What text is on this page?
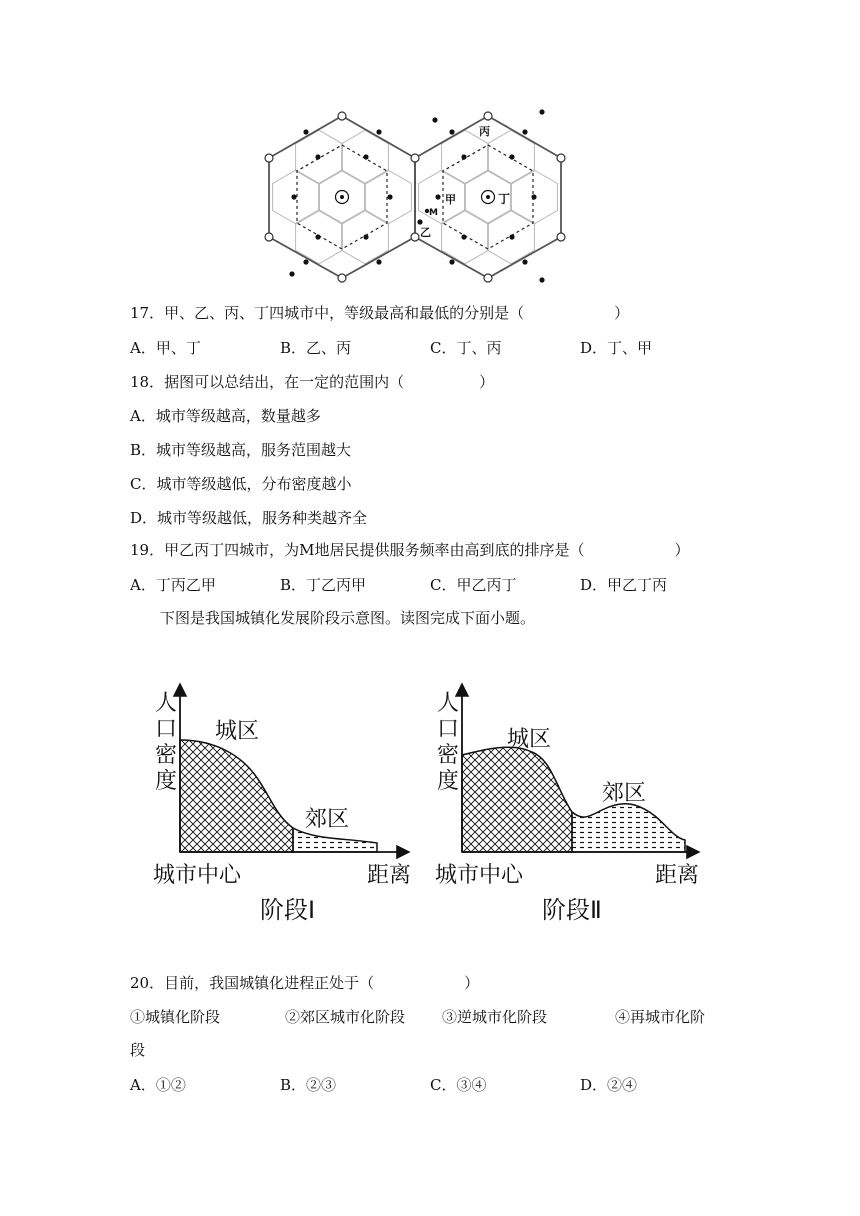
丙
甲	丁
乙
M
17．甲、乙、丙、丁四城市中，等级最高和最低的分别是（　　　　　　）
A．甲、丁	B．乙、丙	C．丁、丙	D．丁、甲
18．据图可以总结出，在一定的范围内（　　　　　）
A．城市等级越高，数量越多
B．城市等级越高，服务范围越大
C．城市等级越低，分布密度越小
D．城市等级越低，服务种类越齐全
19．甲乙丙丁四城市，为M地居民提供服务频率由高到底的排序是（　　　　　　）
A．丁丙乙甲	B．丁乙丙甲	C．甲乙丙丁	D．甲乙丁丙
下图是我国城镇化发展阶段示意图。读图完成下面小题。
人
口
密
度
城区
郊区
城市中心	距离
阶段Ⅰ
人
口
密
度
城区
郊区
城市中心	距离
阶段Ⅱ
20．目前，我国城镇化进程正处于（　　　　　　）
①城镇化阶段	②郊区城市化阶段 ③逆城市化阶段	④再城市化阶
段
A．①②	B．②③	C．③④	D．②④
